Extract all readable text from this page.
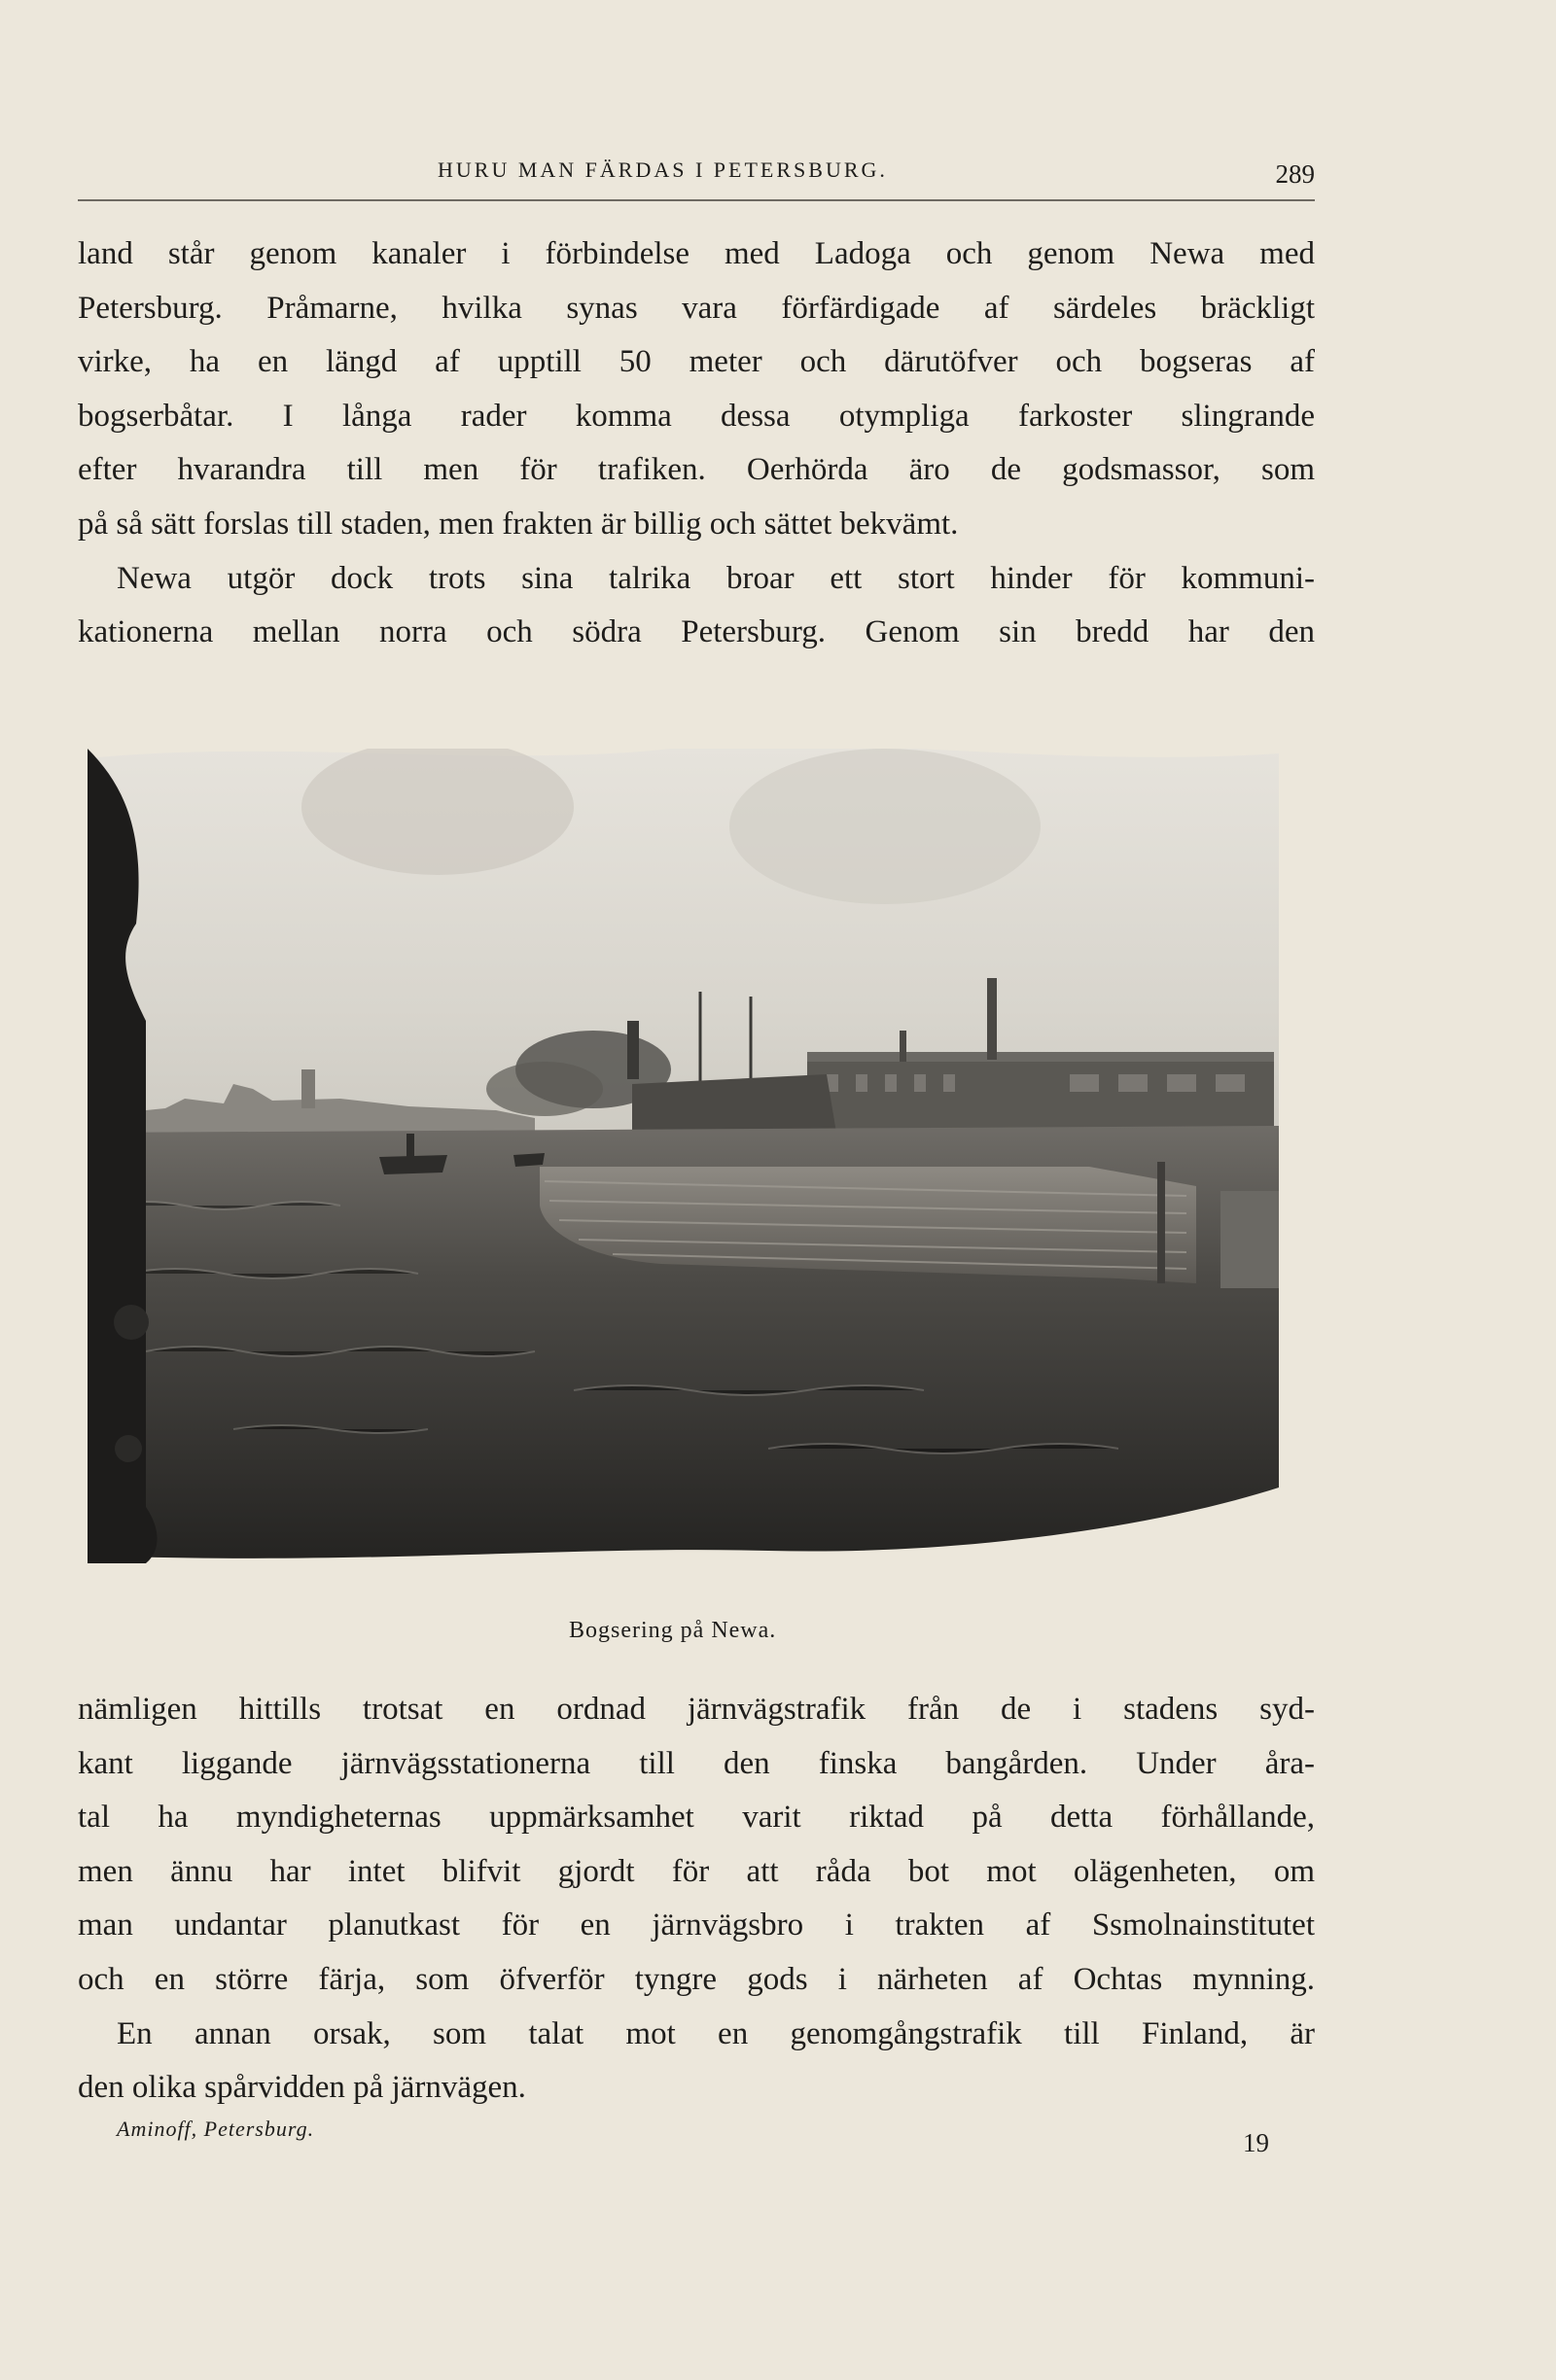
HURU MAN FÄRDAS I PETERSBURG.	289

land står genom kanaler i förbindelse med Ladoga och genom Newa med

Petersburg. Pråmarne, hvilka synas vara förfärdigade af särdeles bräckligt

virke, ha en längd af upptill 50 meter och därutöfver och bogseras af

bogserbåtar. I långa rader komma dessa otympliga farkoster slingrande

efter hvarandra till men för trafiken. Oerhörda äro de godsmassor, som

på så sätt forslas till staden, men frakten är billig och sättet bekvämt.

Newa utgör dock trots sina talrika broar ett stort hinder för kommuni-

kationerna mellan norra och södra Petersburg. Genom sin bredd har den

Bogsering på Newa.

nämligen hittills trotsat en ordnad järnvägstrafik från de i stadens syd-

kant liggande järnvägsstationerna till den finska bangården. Under åra-

tal ha myndigheternas uppmärksamhet varit riktad på detta förhållande,

men ännu har intet blifvit gjordt för att råda bot mot olägenheten, om

man undantar planutkast för en järnvägsbro i trakten af Ssmolnainstitutet

och en större färja, som öfverför tyngre gods i närheten af Ochtas mynning.

En annan orsak, som talat mot en genomgångstrafik till Finland, är

den olika spårvidden på järnvägen.

Aminoff, Petersburg.	19
